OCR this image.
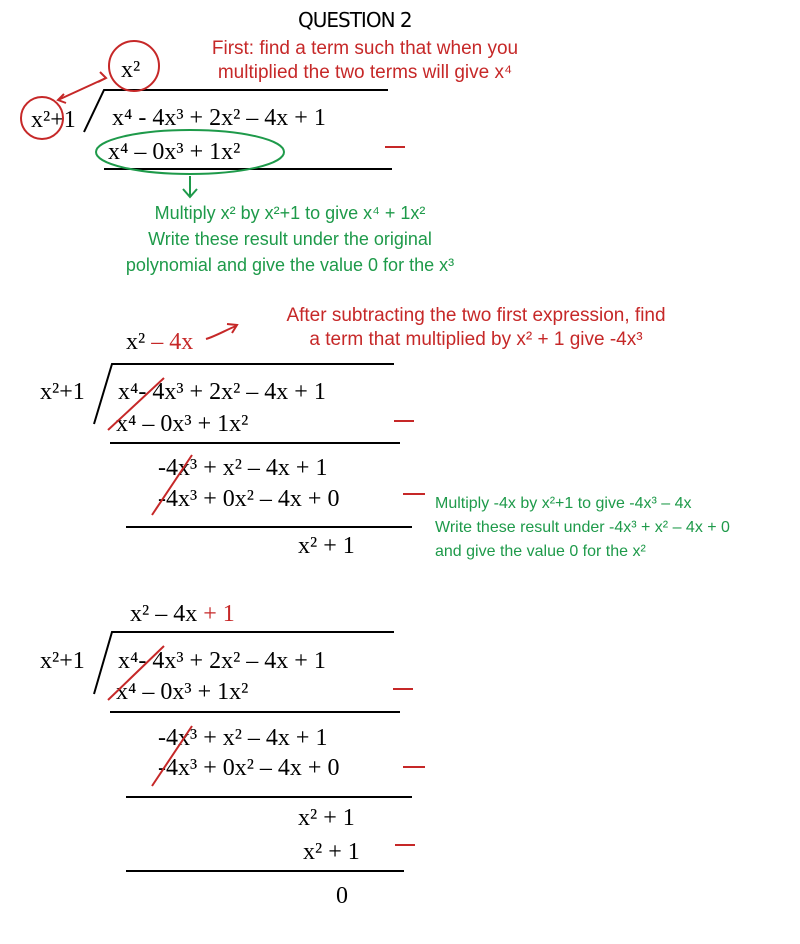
QUESTION 2
x²
First: find a term such that when you
multiplied the two terms will give x⁴
x²+1 x⁴ - 4x³ + 2x² – 4x + 1
x⁴ – 0x³ + 1x²
Multiply x² by x²+1 to give x⁴ + 1x²
Write these result under the original
polynomial and give the value 0 for the x³
x² – 4x
After subtracting the two first expression, find
a term that multiplied by x² + 1 give -4x³
x²+1 x⁴- 4x³ + 2x² – 4x + 1
x⁴ – 0x³ + 1x²
-4x³ + x² – 4x + 1
-4x³ + 0x² – 4x + 0
x² + 1
Multiply -4x by x²+1 to give -4x³ – 4x
Write these result under -4x³ + x² – 4x + 0
and give the value 0 for the x²
x² – 4x + 1
x²+1 x⁴- 4x³ + 2x² – 4x + 1
x⁴ – 0x³ + 1x²
-4x³ + x² – 4x + 1
-4x³ + 0x² – 4x + 0
x² + 1
x² + 1
0
